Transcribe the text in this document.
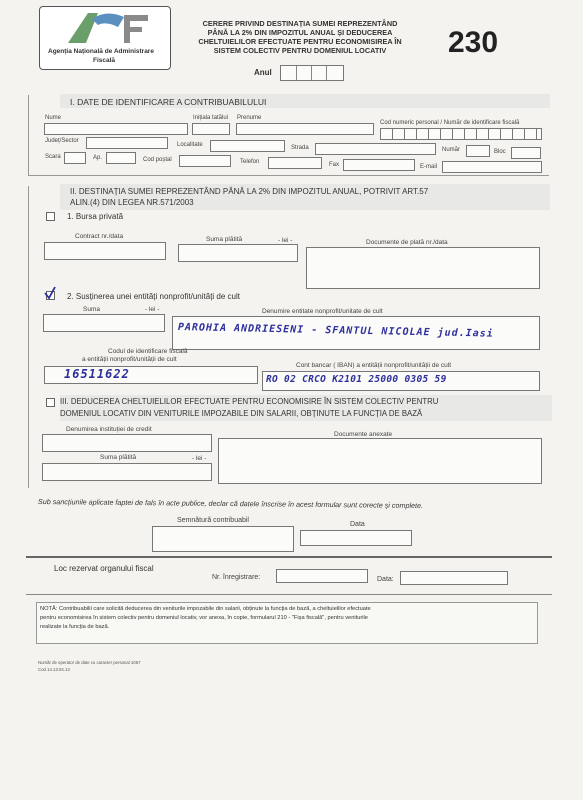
Agenția Națională de Administrare
Fiscală
CERERE PRIVIND DESTINAȚIA SUMEI REPREZENTÂND
PÂNĂ LA 2% DIN IMPOZITUL ANUAL ȘI DEDUCEREA
CHELTUIELILOR EFECTUATE PENTRU ECONOMISIREA ÎN
SISTEM COLECTIV PENTRU DOMENIUL LOCATIV	230
Anul
I. DATE DE IDENTIFICARE A CONTRIBUABILULUI
Nume	Inițiala tatălui Prenume
Cod numeric personal / Număr de identificare fiscală
Județ/Sector
Localitate	Strada	Număr	Bloc
Scara	Ap.	Cod poștal	Telefon	Fax	E-mail
II. DESTINAȚIA SUMEI REPREZENTÂND PÂNĂ LA 2% DIN IMPOZITUL ANUAL, POTRIVIT ART.57
ALIN.(4) DIN LEGEA NR.571/2003
1. Bursa privată
Contract nr./data	Suma plătită	- lei -	Documente de plată nr./data
2. Susținerea unei entități nonprofit/unități de cult
Suma	- lei -	Denumire entitate nonprofit/unitate de cult
PAROHIA ANDRIESENI - SFANTUL NICOLAE jud.Iasi
Codul de identificare fiscală
a entității nonprofit/unității de cult
16511622
Cont bancar ( IBAN) a entității nonprofit/unității de cult
RO 02 CRCO K2101 25000 0305 59
III. DEDUCEREA CHELTUIELILOR EFECTUATE PENTRU ECONOMISIRE ÎN SISTEM COLECTIV PENTRU
DOMENIUL LOCATIV DIN VENITURILE IMPOZABILE DIN SALARII, OBȚINUTE LA FUNCȚIA DE BAZĂ
Denumirea instituției de credit
Documente anexate
Suma plătită	- lei -
Sub sancțiunile aplicate faptei de fals în acte publice, declar că datele înscrise în acest formular sunt corecte și complete.
Semnătură contribuabil
Data
Loc rezervat organului fiscal
Nr. înregistrare:	Data:
NOTĂ: Contribuabilii care solicită deducerea din veniturile impozabile din salarii, obținute la funcția de bază, a cheltuielilor efectuate
pentru economisirea în sistem colectiv pentru domeniul locativ, vor anexa, în copie, formularul 210 - "Fișa fiscală", pentru veniturile
realizate la funcția de bază.
Număr de operator de date cu caracter personal 1067
Cod 14.13.04.13
